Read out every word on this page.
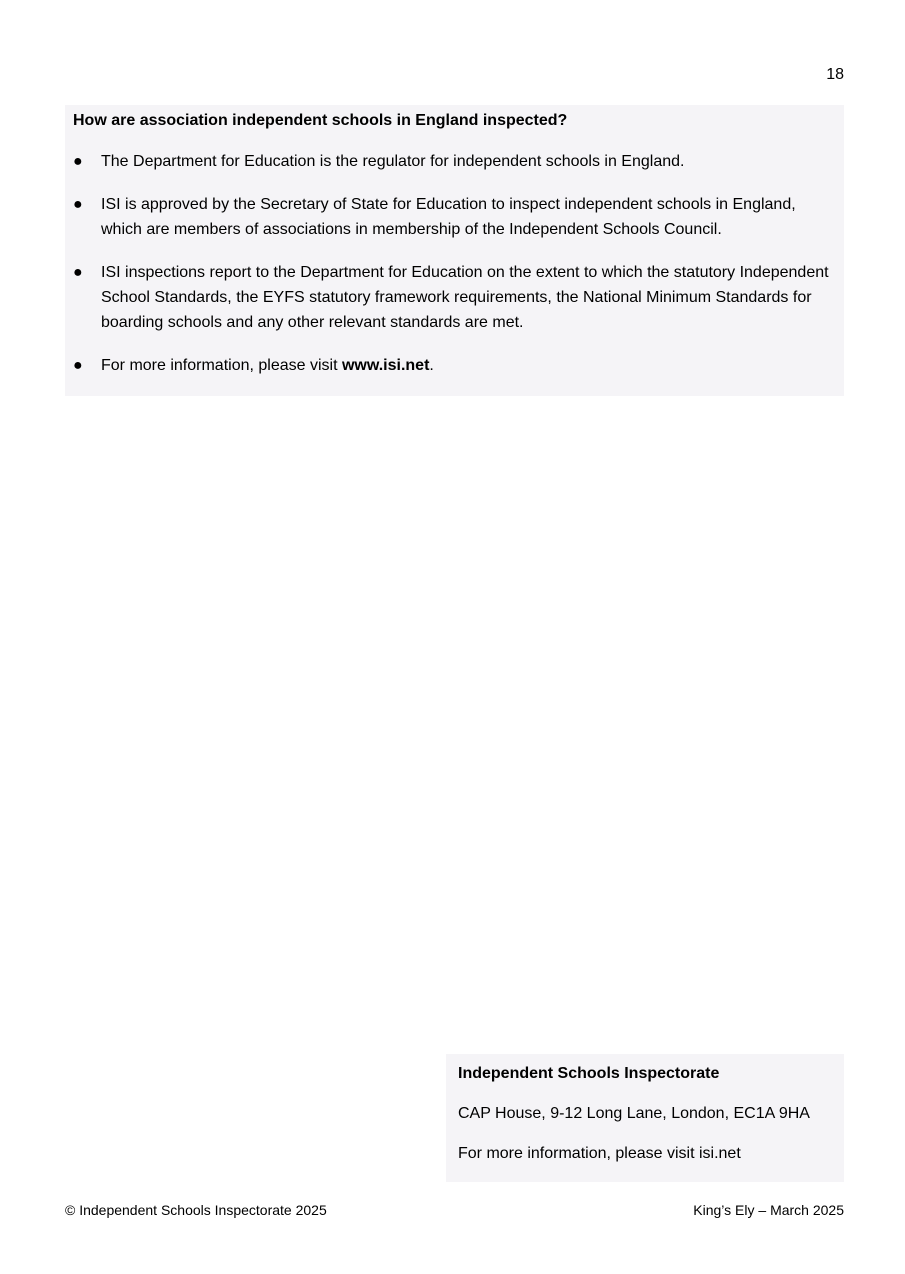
18
How are association independent schools in England inspected?
● The Department for Education is the regulator for independent schools in England.
● ISI is approved by the Secretary of State for Education to inspect independent schools in England, which are members of associations in membership of the Independent Schools Council.
● ISI inspections report to the Department for Education on the extent to which the statutory Independent School Standards, the EYFS statutory framework requirements, the National Minimum Standards for boarding schools and any other relevant standards are met.
● For more information, please visit www.isi.net.
Independent Schools Inspectorate
CAP House, 9-12 Long Lane, London, EC1A 9HA
For more information, please visit isi.net
© Independent Schools Inspectorate 2025	King’s Ely – March 2025
